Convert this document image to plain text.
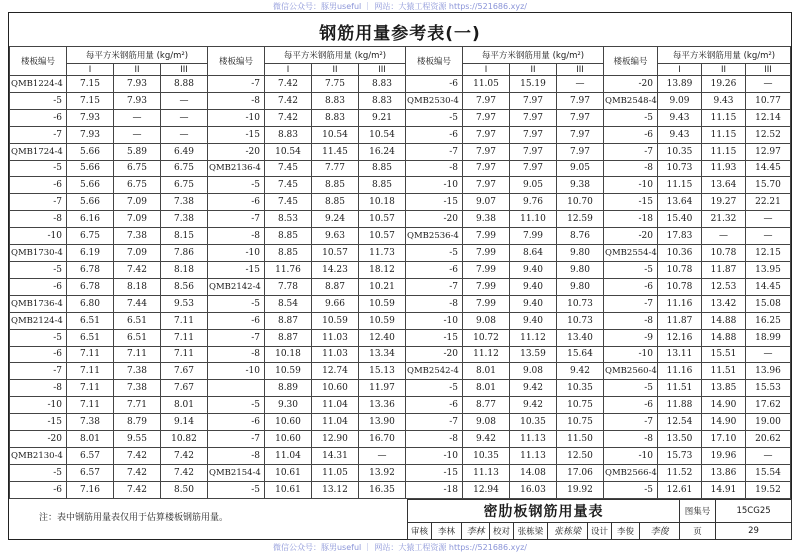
微信公众号：豚男useful ｜ 网站：大猿工程资源 https://521686.xyz/
钢筋用量参考表(一)
楼板编号	每平方米钢筋用量 (kg/m²)		
	I	II	III
QMB1224-4	7.15	7.93	8.88
-5	7.15	7.93	—
-6	7.93	—	—
-7	7.93	—	—
QMB1724-4	5.66	5.89	6.49
-5	5.66	6.75	6.75
-6	5.66	6.75	6.75
-7	5.66	7.09	7.38
-8	6.16	7.09	7.38
-10	6.75	7.38	8.15
QMB1730-4	6.19	7.09	7.86
-5	6.78	7.42	8.18
-6	6.78	8.18	8.56
QMB1736-4	6.80	7.44	9.53
QMB2124-4	6.51	6.51	7.11
-5	6.51	6.51	7.11
-6	7.11	7.11	7.11
-7	7.11	7.38	7.67
-8	7.11	7.38	7.67
-10	7.11	7.71	8.01
-15	7.38	8.79	9.14
-20	8.01	9.55	10.82
QMB2130-4	6.57	7.42	7.42
-5	6.57	7.42	7.42
-6	7.16	7.42	8.50
楼板编号	每平方米钢筋用量 (kg/m²)		
	I	II	III
-7	7.42	7.75	8.83
-8	7.42	8.83	8.83
-10	7.42	8.83	9.21
-15	8.83	10.54	10.54
-20	10.54	11.45	16.24
QMB2136-4	7.45	7.77	8.85
-5	7.45	8.85	8.85
-6	7.45	8.85	10.18
-7	8.53	9.24	10.57
-8	8.85	9.63	10.57
-10	8.85	10.57	11.73
-15	11.76	14.23	18.12
QMB2142-4	7.78	8.87	10.21
-5	8.54	9.66	10.59
-6	8.87	10.59	10.59
-7	8.87	11.03	12.40
-8	10.18	11.03	13.34
-10	10.59	12.74	15.13
	8.89	10.60	11.97
-5	9.30	11.04	13.36
-6	10.60	11.04	13.90
-7	10.60	12.90	16.70
-8	11.04	14.31	—
QMB2154-4	10.61	11.05	13.92
-5	10.61	13.12	16.35
楼板编号	每平方米钢筋用量 (kg/m²)		
	I	II	III
-6	11.05	15.19	—
QMB2530-4	7.97	7.97	7.97
-5	7.97	7.97	7.97
-6	7.97	7.97	7.97
-7	7.97	7.97	7.97
-8	7.97	7.97	9.05
-10	7.97	9.05	9.38
-15	9.07	9.76	10.70
-20	9.38	11.10	12.59
QMB2536-4	7.99	7.99	8.76
-5	7.99	8.64	9.80
-6	7.99	9.40	9.80
-7	7.99	9.40	9.80
-8	7.99	9.40	10.73
-10	9.08	9.40	10.73
-15	10.72	11.12	13.40
-20	11.12	13.59	15.64
QMB2542-4	8.01	9.08	9.42
-5	8.01	9.42	10.35
-6	8.77	9.42	10.75
-7	9.08	10.35	10.75
-8	9.42	11.13	11.50
-10	10.35	11.13	12.50
-15	11.13	14.08	17.06
-18	12.94	16.03	19.92
楼板编号	每平方米钢筋用量 (kg/m²)		
	I	II	III
-20	13.89	19.26	—
QMB2548-4	9.09	9.43	10.77
-5	9.43	11.15	12.14
-6	9.43	11.15	12.52
-7	10.35	11.15	12.97
-8	10.73	11.93	14.45
-10	11.15	13.64	15.70
-15	13.64	19.27	22.21
-18	15.40	21.32	—
-20	17.83	—	—
QMB2554-4	10.36	10.78	12.15
-5	10.78	11.87	13.95
-6	10.78	12.53	14.45
-7	11.16	13.42	15.08
-8	11.87	14.88	16.25
-9	12.16	14.88	18.99
-10	13.11	15.51	—
QMB2560-4	11.16	11.51	13.96
-5	11.51	13.85	15.53
-6	11.88	14.90	17.62
-7	12.54	14.90	19.00
-8	13.50	17.10	20.62
-10	15.73	19.96	—
QMB2566-4	11.52	13.86	15.54
-5	12.61	14.91	19.52
注：表中钢筋用量表仅用于估算楼板钢筋用量。	密肋板钢筋用量表									图集号	15CG25
审核	李林	李林	校对	张栋梁	张栋梁	设计	李俊	李俊	页	29
微信公众号：豚男useful ｜ 网站：大猿工程资源 https://521686.xyz/
